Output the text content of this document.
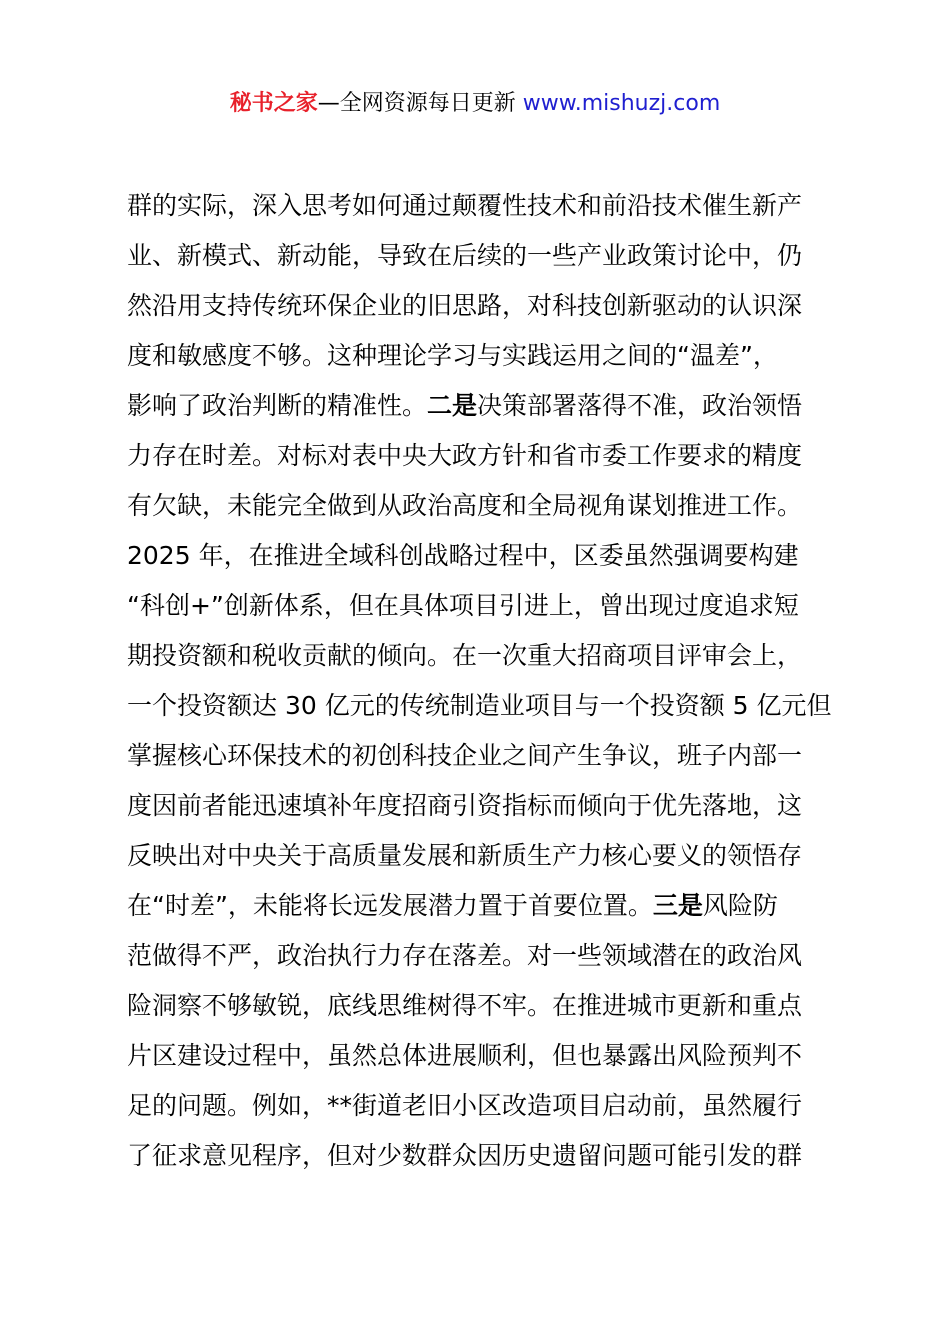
秘书之家—全网资源每日更新 www.mishuzj.com
群的实际，深入思考如何通过颠覆性技术和前沿技术催生新产
业、新模式、新动能，导致在后续的一些产业政策讨论中，仍
然沿用支持传统环保企业的旧思路，对科技创新驱动的认识深
度和敏感度不够。这种理论学习与实践运用之间的“温差”，
影响了政治判断的精准性。二是决策部署落得不准，政治领悟
力存在时差。对标对表中央大政方针和省市委工作要求的精度
有欠缺，未能完全做到从政治高度和全局视角谋划推进工作。
2025 年，在推进全域科创战略过程中，区委虽然强调要构建
“科创+”创新体系，但在具体项目引进上，曾出现过度追求短
期投资额和税收贡献的倾向。在一次重大招商项目评审会上，
一个投资额达 30 亿元的传统制造业项目与一个投资额 5 亿元但
掌握核心环保技术的初创科技企业之间产生争议，班子内部一
度因前者能迅速填补年度招商引资指标而倾向于优先落地，这
反映出对中央关于高质量发展和新质生产力核心要义的领悟存
在“时差”，未能将长远发展潜力置于首要位置。三是风险防
范做得不严，政治执行力存在落差。对一些领域潜在的政治风
险洞察不够敏锐，底线思维树得不牢。在推进城市更新和重点
片区建设过程中，虽然总体进展顺利，但也暴露出风险预判不
足的问题。例如，**街道老旧小区改造项目启动前，虽然履行
了征求意见程序，但对少数群众因历史遗留问题可能引发的群
